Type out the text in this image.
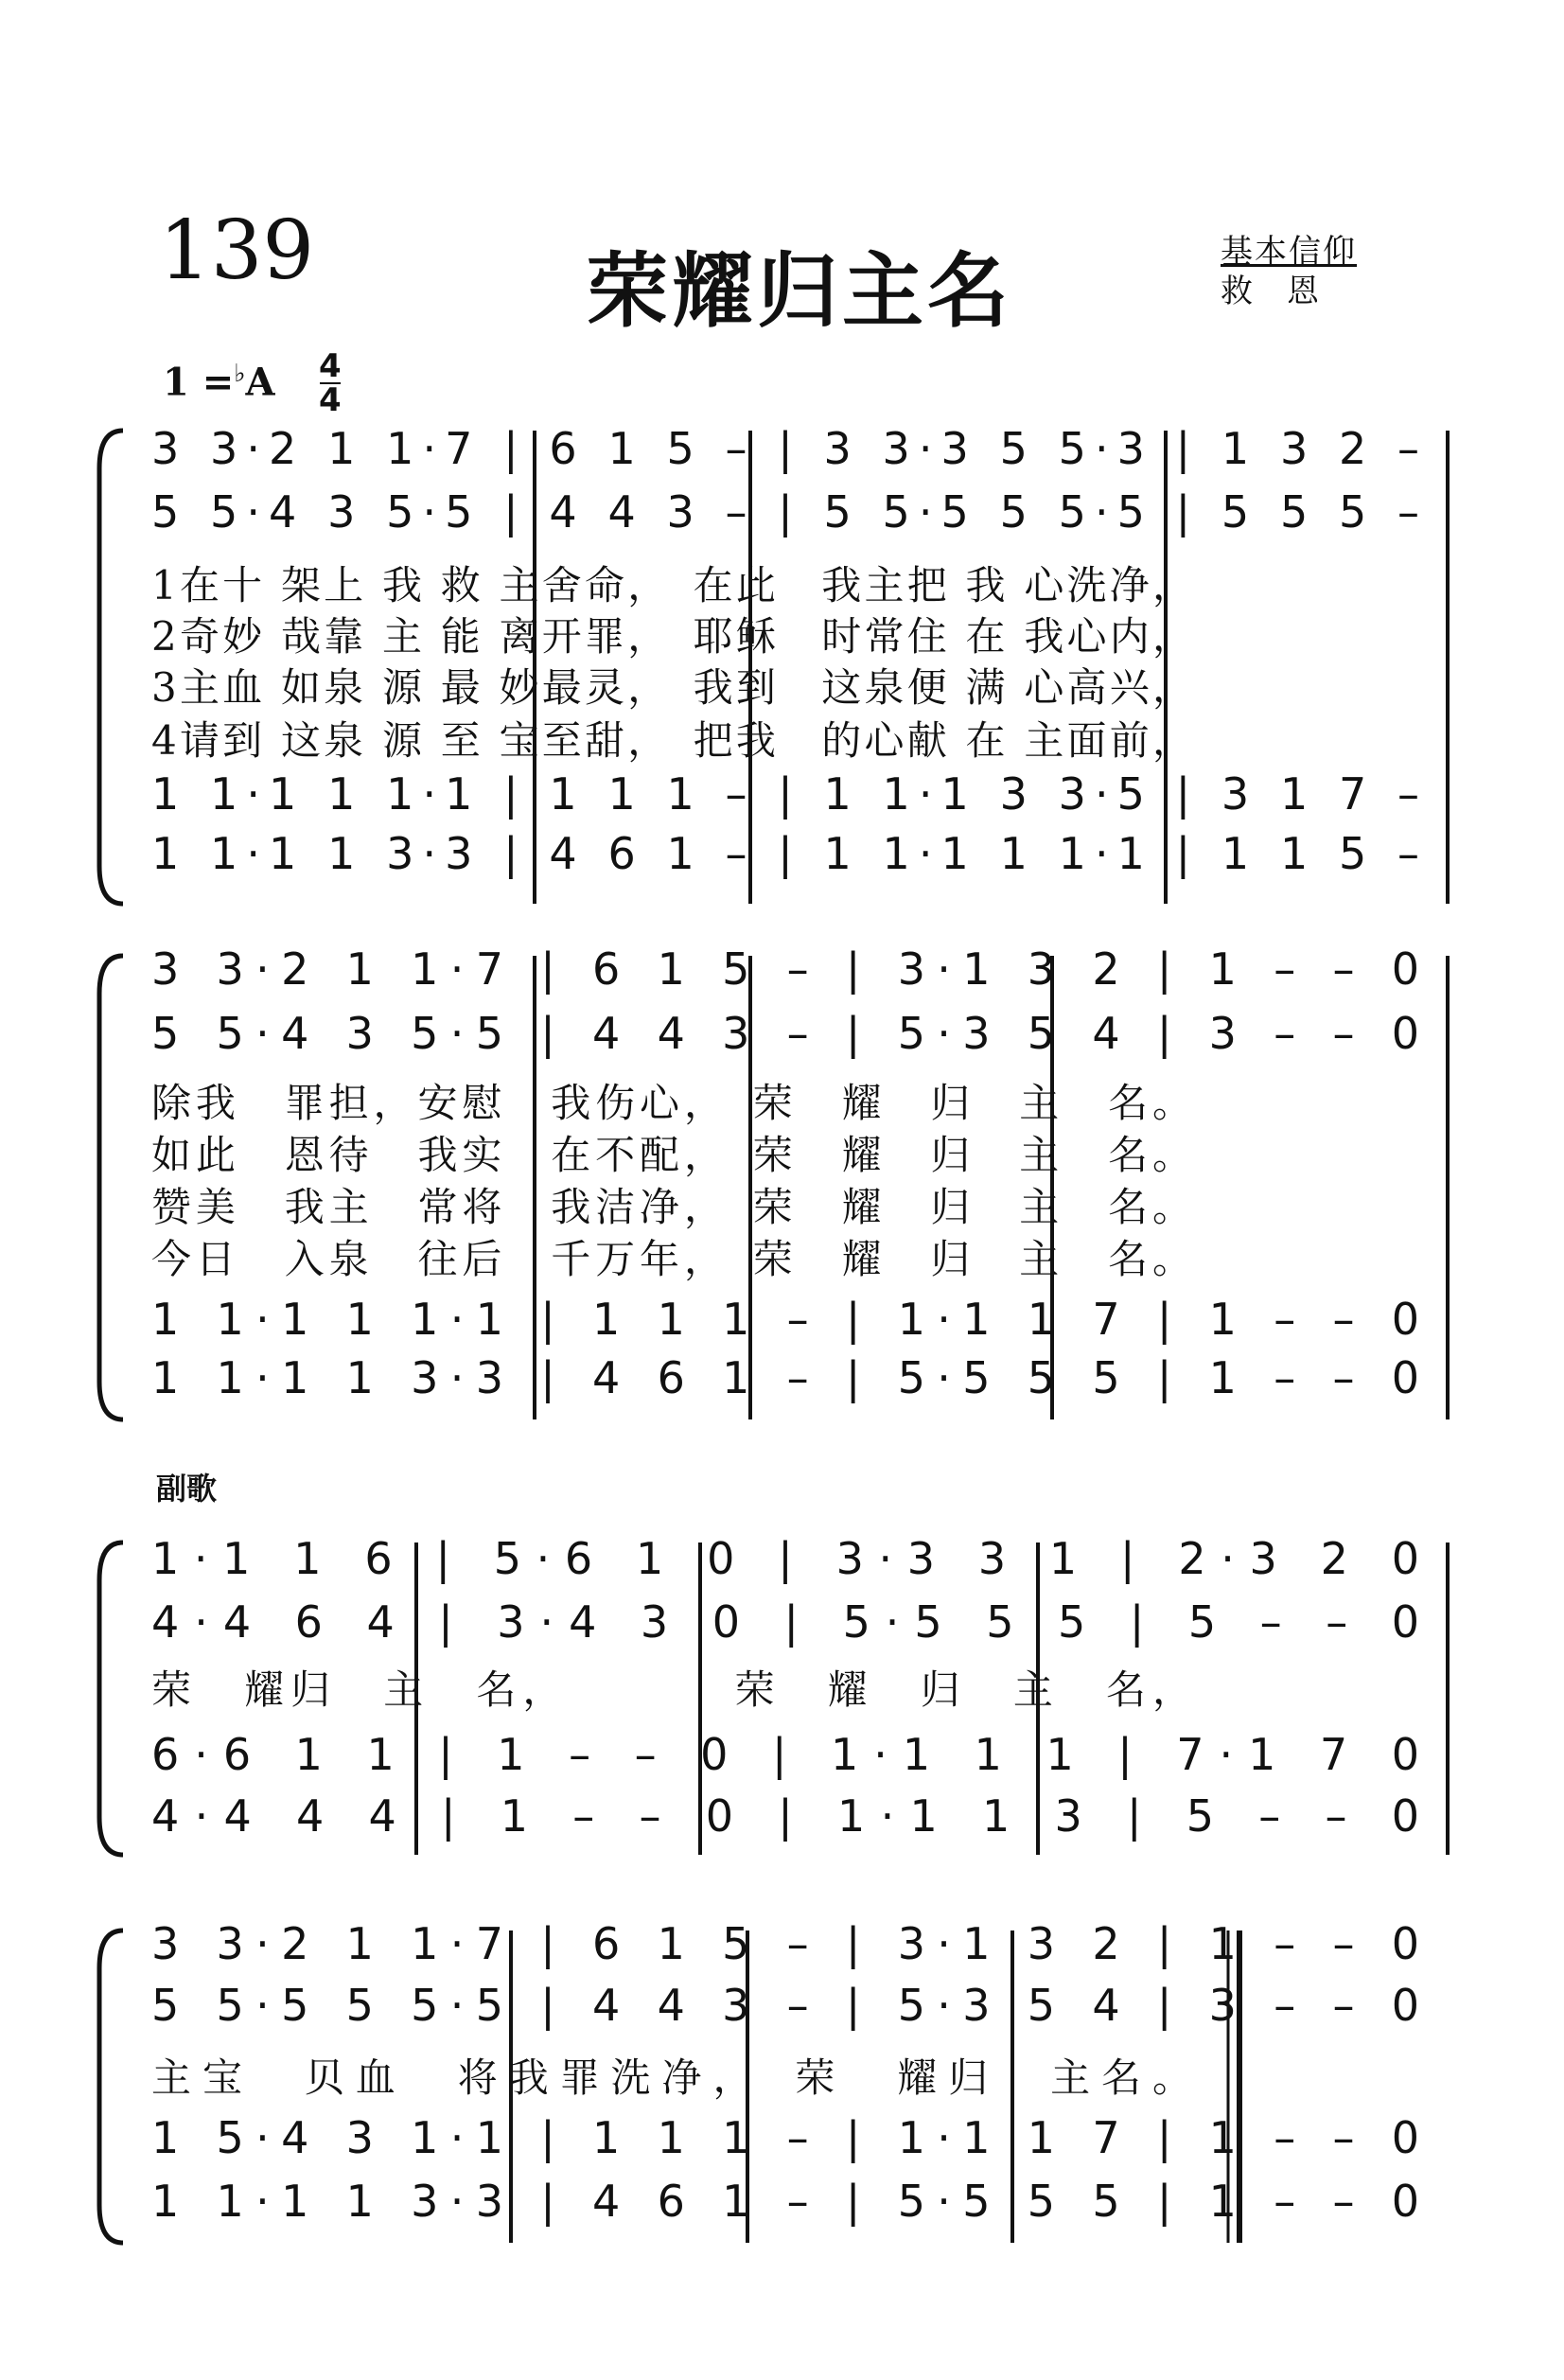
139	荣耀归主名	基本信仰
救恩
1 =♭A 4
4
副歌
3 3·2 1 1·7 | 6 1 5 – | 3 3·3 5 5·3 | 1 3 2 –
5 5·4 3 5·5 | 4 4 3 – | 5 5·5 5 5·5 | 5 5 5 –
1在十 架上 我 救 主舍命，　在此　我主把 我 心洗净，
2奇妙 哉靠 主 能 离开罪，　耶稣　时常住 在 我心内，
3主血 如泉 源 最 妙最灵，　我到　这泉便 满 心高兴，
4请到 这泉 源 至 宝至甜，　把我　的心献 在 主面前，
1 1·1 1 1·1 | 1 1 1 – | 1 1·1 3 3·5 | 3 1 7 –
1 1·1 1 3·3 | 4 6 1 – | 1 1·1 1 1·1 | 1 1 5 –
3 3·2 1 1·7 | 6 1 5 – | 3·1 3 2 | 1 – – 0
5 5·4 3 5·5 | 4 4 3 – | 5·3 5 4 | 3 – – 0
除我　罪担，安慰　我伤心，　荣　耀　归　主　名。
如此　恩待　我实　在不配，　荣　耀　归　主　名。
赞美　我主　常将　我洁净，　荣　耀　归　主　名。
今日　入泉　往后　千万年，　荣　耀　归　主　名。
1 1·1 1 1·1 | 1 1 1 – | 1·1 1 7 | 1 – – 0
1 1·1 1 3·3 | 4 6 1 – | 5·5 5 5 | 1 – – 0
1·1 1 6 | 5·6 1 0 | 3·3 3 1 | 2·3 2 0
4·4 6 4 | 3·4 3 0 | 5·5 5 5 | 5 – – 0
荣　耀归　主　名，　　　　荣　耀　归　主　名，
6·6 1 1 | 1 – – 0 | 1·1 1 1 | 7·1 7 0
4·4 4 4 | 1 – – 0 | 1·1 1 3 | 5 – – 0
3 3·2 1 1·7 | 6 1 5 – | 3·1 3 2 | 1 – – 0
5 5·5 5 5·5 | 4 4 3 – | 5·3 5 4 | 3 – – 0
主宝　贝血　将我罪洗净，　荣　耀归　主名。
1 5·4 3 1·1 | 1 1 1 – | 1·1 1 7 | 1 – – 0
1 1·1 1 3·3 | 4 6 1 – | 5·5 5 5 | 1 – – 0
